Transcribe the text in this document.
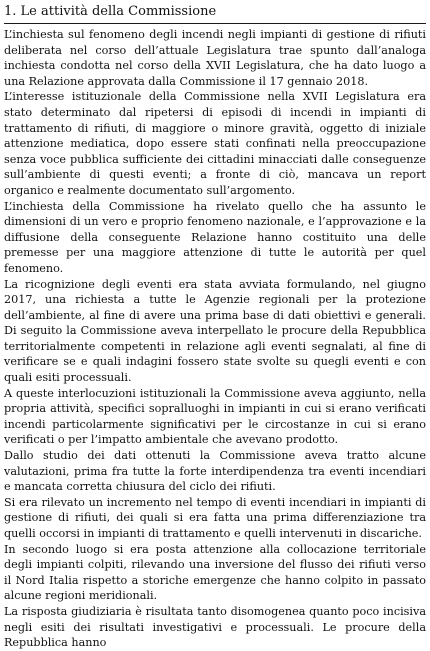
1. Le attività della Commissione

L’inchiesta sul fenomeno degli incendi negli impianti di gestione di rifiuti deliberata nel corso dell’attuale Legislatura trae spunto dall’analoga inchiesta condotta nel corso della XVII Legislatura, che ha dato luogo a una Relazione approvata dalla Commissione il 17 gennaio 2018.

L’interesse istituzionale della Commissione nella XVII Legislatura era stato determinato dal ripetersi di episodi di incendi in impianti di trattamento di rifiuti, di maggiore o minore gravità, oggetto di iniziale attenzione mediatica, dopo essere stati confinati nella preoccupazione senza voce pubblica sufficiente dei cittadini minacciati dalle conseguenze sull’ambiente di questi eventi; a fronte di ciò, mancava un report organico e realmente documentato sull’argomento.

L’inchiesta della Commissione ha rivelato quello che ha assunto le dimensioni di un vero e proprio fenomeno nazionale, e l’approvazione e la diffusione della conseguente Relazione hanno costituito una delle premesse per una maggiore attenzione di tutte le autorità per quel fenomeno.

La ricognizione degli eventi era stata avviata formulando, nel giugno 2017, una richiesta a tutte le Agenzie regionali per la protezione dell’ambiente, al fine di avere una prima base di dati obiettivi e generali. Di seguito la Commissione aveva interpellato le procure della Repubblica territorialmente competenti in relazione agli eventi segnalati, al fine di verificare se e quali indagini fossero state svolte su quegli eventi e con quali esiti processuali.

A queste interlocuzioni istituzionali la Commissione aveva aggiunto, nella propria attività, specifici sopralluoghi in impianti in cui si erano verificati incendi particolarmente significativi per le circostanze in cui si erano verificati o per l’impatto ambientale che avevano prodotto.

Dallo studio dei dati ottenuti la Commissione aveva tratto alcune valutazioni, prima fra tutte la forte interdipendenza tra eventi incendiari e mancata corretta chiusura del ciclo dei rifiuti.

Si era rilevato un incremento nel tempo di eventi incendiari in impianti di gestione di rifiuti, dei quali si era fatta una prima differenziazione tra quelli occorsi in impianti di trattamento e quelli intervenuti in discariche.

In secondo luogo si era posta attenzione alla collocazione territoriale degli impianti colpiti, rilevando una inversione del flusso dei rifiuti verso il Nord Italia rispetto a storiche emergenze che hanno colpito in passato alcune regioni meridionali.

La risposta giudiziaria è risultata tanto disomogenea quanto poco incisiva negli esiti dei risultati investigativi e processuali. Le procure della Repubblica hanno
